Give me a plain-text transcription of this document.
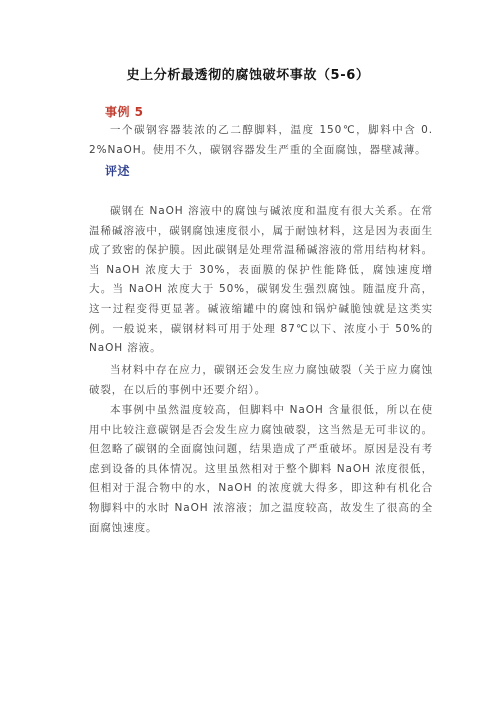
史上分析最透彻的腐蚀破坏事故（5-6）
事例 5

一个碳钢容器装浓的乙二醇脚料，温度 150℃，脚料中含 0.2%NaOH。使用不久，碳钢容器发生严重的全面腐蚀，器壁减薄。

评述

碳钢在 NaOH 溶液中的腐蚀与碱浓度和温度有很大关系。在常温稀碱溶液中，碳钢腐蚀速度很小，属于耐蚀材料，这是因为表面生成了致密的保护膜。因此碳钢是处理常温稀碱溶液的常用结构材料。当 NaOH 浓度大于 30%，表面膜的保护性能降低，腐蚀速度增大。当 NaOH 浓度大于 50%，碳钢发生强烈腐蚀。随温度升高，这一过程变得更显著。碱液缩罐中的腐蚀和锅炉碱脆蚀就是这类实例。一般说来，碳钢材料可用于处理 87℃以下、浓度小于 50%的 NaOH 溶液。

当材料中存在应力，碳钢还会发生应力腐蚀破裂（关于应力腐蚀破裂，在以后的事例中还要介绍）。

本事例中虽然温度较高，但脚料中 NaOH 含量很低，所以在使用中比较注意碳钢是否会发生应力腐蚀破裂，这当然是无可非议的。但忽略了碳钢的全面腐蚀问题，结果造成了严重破坏。原因是没有考虑到设备的具体情况。这里虽然相对于整个脚料 NaOH 浓度很低，但相对于混合物中的水，NaOH 的浓度就大得多，即这种有机化合物脚料中的水时 NaOH 浓溶液；加之温度较高，故发生了很高的全面腐蚀速度。
